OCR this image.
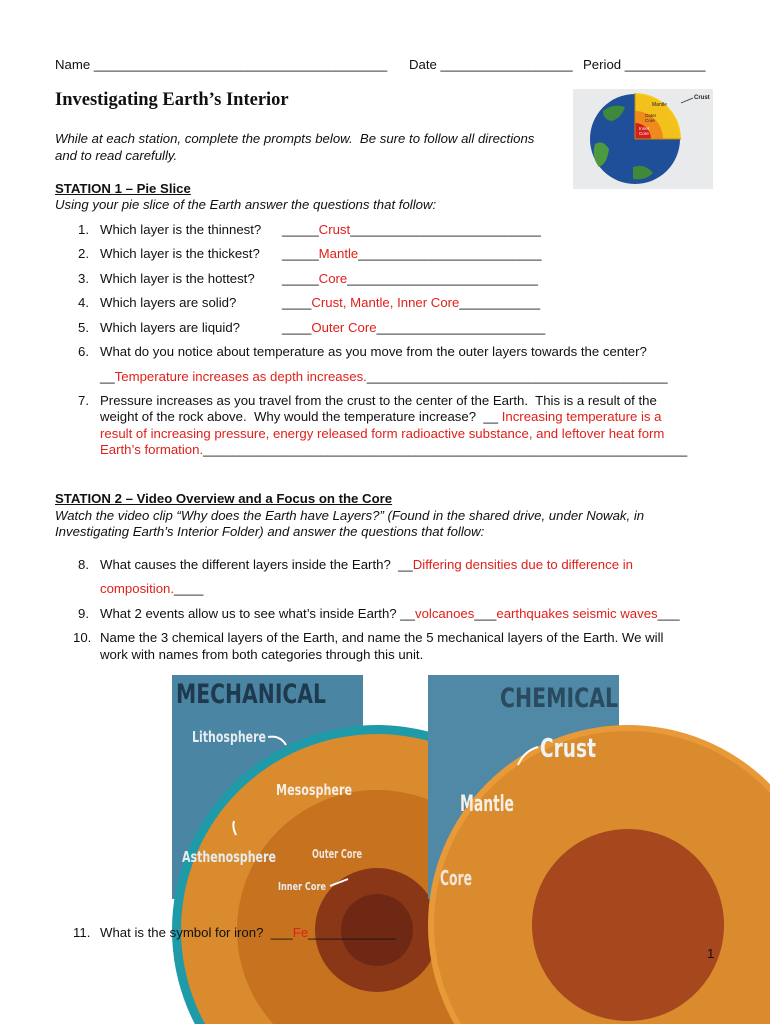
Name ________________________________________ Date __________________ Period ___________
Investigating Earth’s Interior
While at each station, complete the prompts below.  Be sure to follow all directions
and to read carefully.
Crust
Mantle
Outer
Core
Inner
Core
STATION 1 – Pie Slice
Using your pie slice of the Earth answer the questions that follow:
1. Which layer is the thinnest? _____Crust__________________________
2. Which layer is the thickest? _____Mantle_________________________
3. Which layer is the hottest? _____Core__________________________
4. Which layers are solid?	____Crust, Mantle, Inner Core___________
5. Which layers are liquid?	____Outer Core_______________________
6. What do you notice about temperature as you move from the outer layers towards the center?
__Temperature increases as depth increases._________________________________________
7. Pressure increases as you travel from the crust to the center of the Earth.  This is a result of the
weight of the rock above.  Why would the temperature increase?  __ Increasing temperature is a
result of increasing pressure, energy released form radioactive substance, and leftover heat form
Earth’s formation.__________________________________________________________________
STATION 2 – Video Overview and a Focus on the Core
Watch the video clip “Why does the Earth have Layers?” (Found in the shared drive, under Nowak, in
Investigating Earth’s Interior Folder) and answer the questions that follow:
8. What causes the different layers inside the Earth?  __Differing densities due to difference in
composition.____
9. What 2 events allow us to see what’s inside Earth? __volcanoes___earthquakes seismic waves___
10. Name the 3 chemical layers of the Earth, and name the 5 mechanical layers of the Earth. We will
work with names from both categories through this unit.
MECHANICAL
Lithosphere
Mesosphere
Asthenosphere	Outer Core
Inner Core
CHEMICAL
Crust
Mantle
Core
11. What is the symbol for iron?  ___Fe____________
1
